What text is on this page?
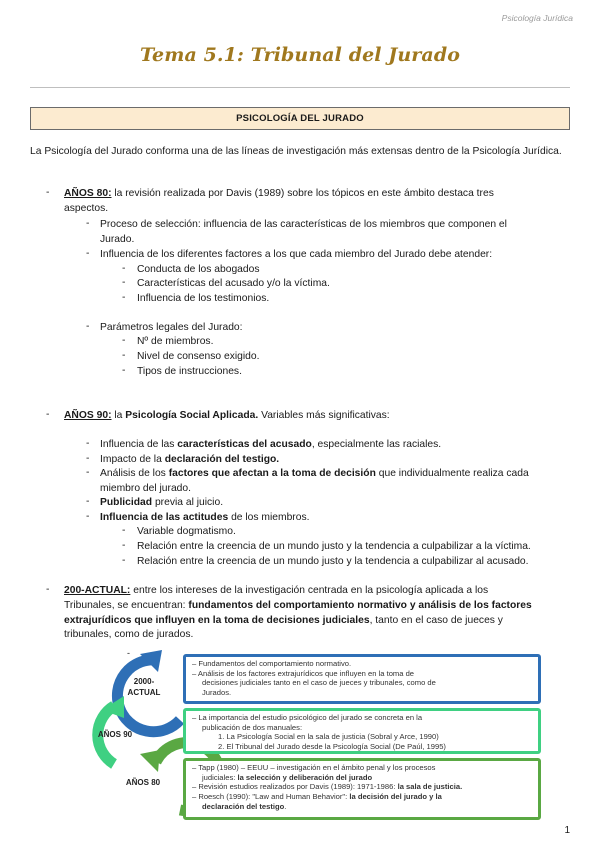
Psicología Jurídica
Tema 5.1: Tribunal del Jurado
PSICOLOGÍA DEL JURADO
La Psicología del Jurado conforma una de las líneas de investigación más extensas dentro de la Psicología Jurídica.
- AÑOS 80: la revisión realizada por Davis (1989) sobre los tópicos en este ámbito destaca tres
aspectos.
- Proceso de selección: influencia de las características de los miembros que componen el
Jurado.
- Influencia de los diferentes factores a los que cada miembro del Jurado debe atender:
- Conducta de los abogados
- Características del acusado y/o la víctima.
- Influencia de los testimonios.
- Parámetros legales del Jurado:
- Nº de miembros.
- Nivel de consenso exigido.
- Tipos de instrucciones.
- AÑOS 90: la Psicología Social Aplicada. Variables más significativas:
- Influencia de las características del acusado, especialmente las raciales.
- Impacto de la declaración del testigo.
- Análisis de los factores que afectan a la toma de decisión que individualmente realiza cada
miembro del jurado.
- Publicidad previa al juicio.
- Influencia de las actitudes de los miembros.
- Variable dogmatismo.
- Relación entre la creencia de un mundo justo y la tendencia a culpabilizar a la víctima.
- Relación entre la creencia de un mundo justo y la tendencia a culpabilizar al acusado.
- 200-ACTUAL: entre los intereses de la investigación centrada en la psicología aplicada a los
Tribunales, se encuentran: fundamentos del comportamiento normativo y análisis de los factores
extrajurídicos que influyen en la toma de decisiones judiciales, tanto en el caso de jueces y
tribunales, como de jurados.
-
2000-
ACTUAL
AÑOS 90
AÑOS 80
– Fundamentos del comportamiento normativo.
– Análisis de los factores extrajurídicos que influyen en la toma de
decisiones judiciales tanto en el caso de jueces y tribunales, como de
Jurados.
– La importancia del estudio psicológico del jurado se concreta en la
publicación de dos manuales:
1. La Psicología Social en la sala de justicia (Sobral y Arce, 1990)
2. El Tribunal del Jurado desde la Psicología Social (De Paúl, 1995)
– Tapp (1980) – EEUU – investigación en el ámbito penal y los procesos
judiciales: la selección y deliberación del jurado
– Revisión estudios realizados por Davis (1989): 1971-1986: la sala de justicia.
– Roesch (1990): "Law and Human Behavior": la decisión del jurado y la
declaración del testigo.
1
